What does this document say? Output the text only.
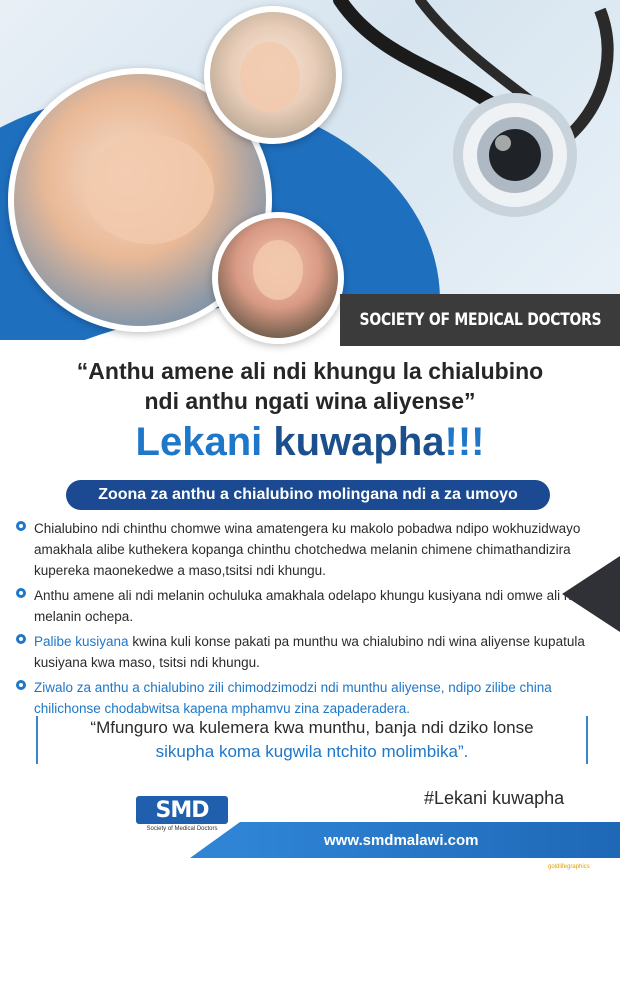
SOCIETY OF MEDICAL DOCTORS
“Anthu amene ali ndi khungu la chialubino
ndi anthu ngati wina aliyense”
Lekani kuwapha!!!
Zoona za anthu a chialubino molingana ndi a za umoyo
Chialubino ndi chinthu chomwe wina amatengera ku makolo pobadwa ndipo wokhuzidwayo amakhala alibe kuthekera kopanga chinthu chotchedwa melanin chimene chimathandizira kupereka maonekedwe a maso,tsitsi ndi khungu.
Anthu amene ali ndi melanin ochuluka amakhala odelapo khungu kusiyana ndi omwe ali ndi melanin ochepa.
Palibe kusiyana kwina kuli konse pakati pa munthu wa chialubino ndi wina aliyense kupatula kusiyana kwa maso, tsitsi ndi khungu.
Ziwalo za anthu a chialubino zili chimodzimodzi ndi munthu aliyense, ndipo zilibe china chilichonse chodabwitsa kapena mphamvu zina zapaderadera.
“Mfunguro wa kulemera kwa munthu, banja ndi dziko lonse
sikupha koma kugwila ntchito molimbika”.
#Lekani kuwapha
SMD
Society of Medical Doctors
www.smdmalawi.com
goldlifegraphics
